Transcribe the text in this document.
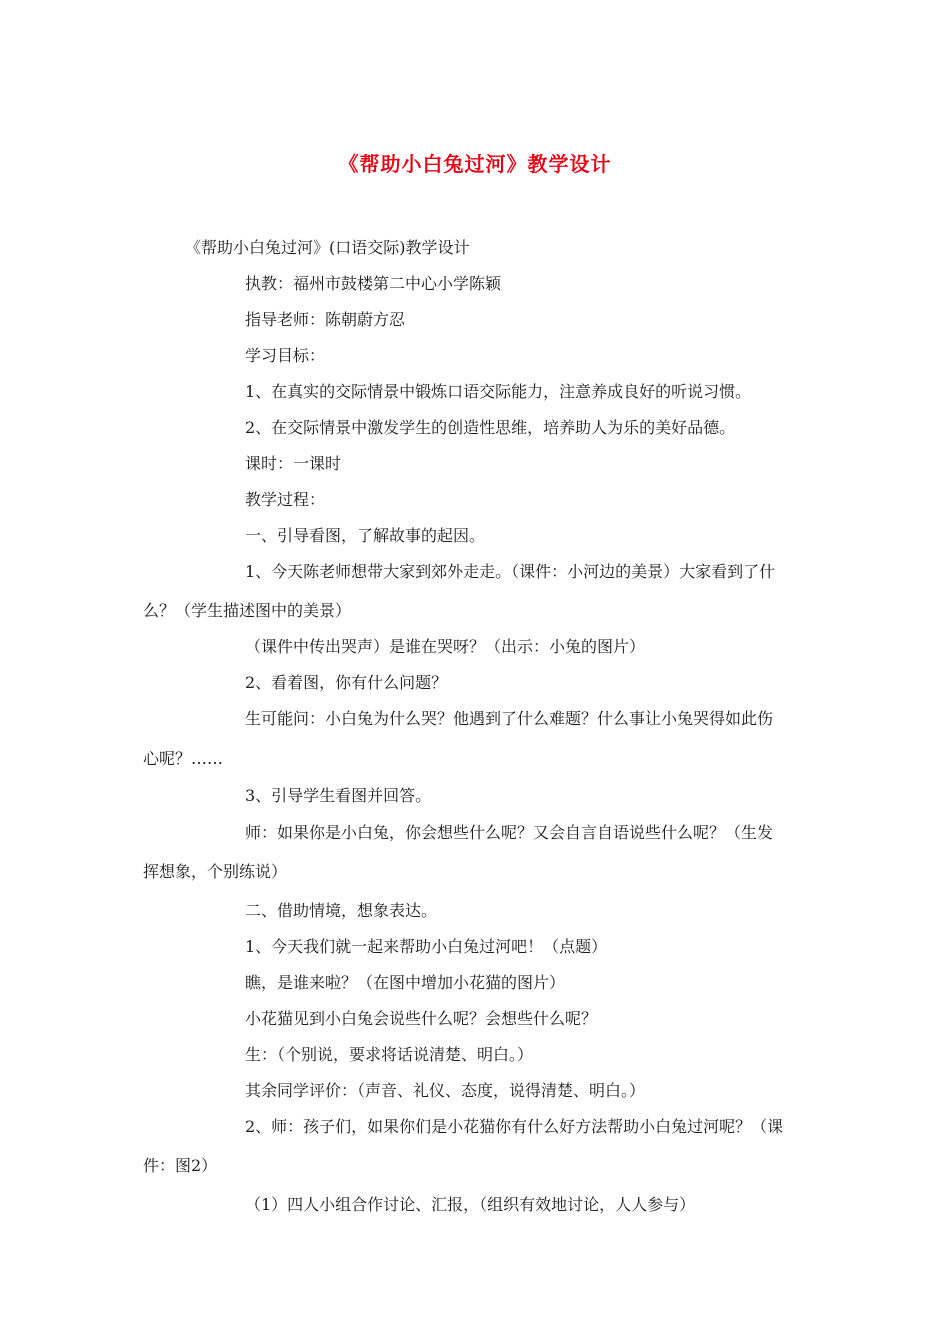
《帮助小白兔过河》教学设计
《帮助小白兔过河》(口语交际)教学设计
执教：福州市鼓楼第二中心小学陈颖
指导老师：陈朝蔚方忍
学习目标：
1、在真实的交际情景中锻炼口语交际能力，注意养成良好的听说习惯。
2、在交际情景中激发学生的创造性思维，培养助人为乐的美好品德。
课时：一课时
教学过程：
一、引导看图，了解故事的起因。
1、今天陈老师想带大家到郊外走走。（课件：小河边的美景）大家看到了什
么？（学生描述图中的美景）
（课件中传出哭声）是谁在哭呀？（出示：小兔的图片）
2、看着图，你有什么问题？
生可能问：小白兔为什么哭？他遇到了什么难题？什么事让小兔哭得如此伤
心呢？……
3、引导学生看图并回答。
师：如果你是小白兔，你会想些什么呢？又会自言自语说些什么呢？（生发
挥想象，个别练说）
二、借助情境，想象表达。
1、今天我们就一起来帮助小白兔过河吧！（点题）
瞧，是谁来啦？（在图中增加小花猫的图片）
小花猫见到小白兔会说些什么呢？会想些什么呢？
生：（个别说，要求将话说清楚、明白。）
其余同学评价：（声音、礼仪、态度，说得清楚、明白。）
2、师：孩子们，如果你们是小花猫你有什么好方法帮助小白兔过河呢？（课
件：图2）
（1）四人小组合作讨论、汇报，（组织有效地讨论，人人参与）
